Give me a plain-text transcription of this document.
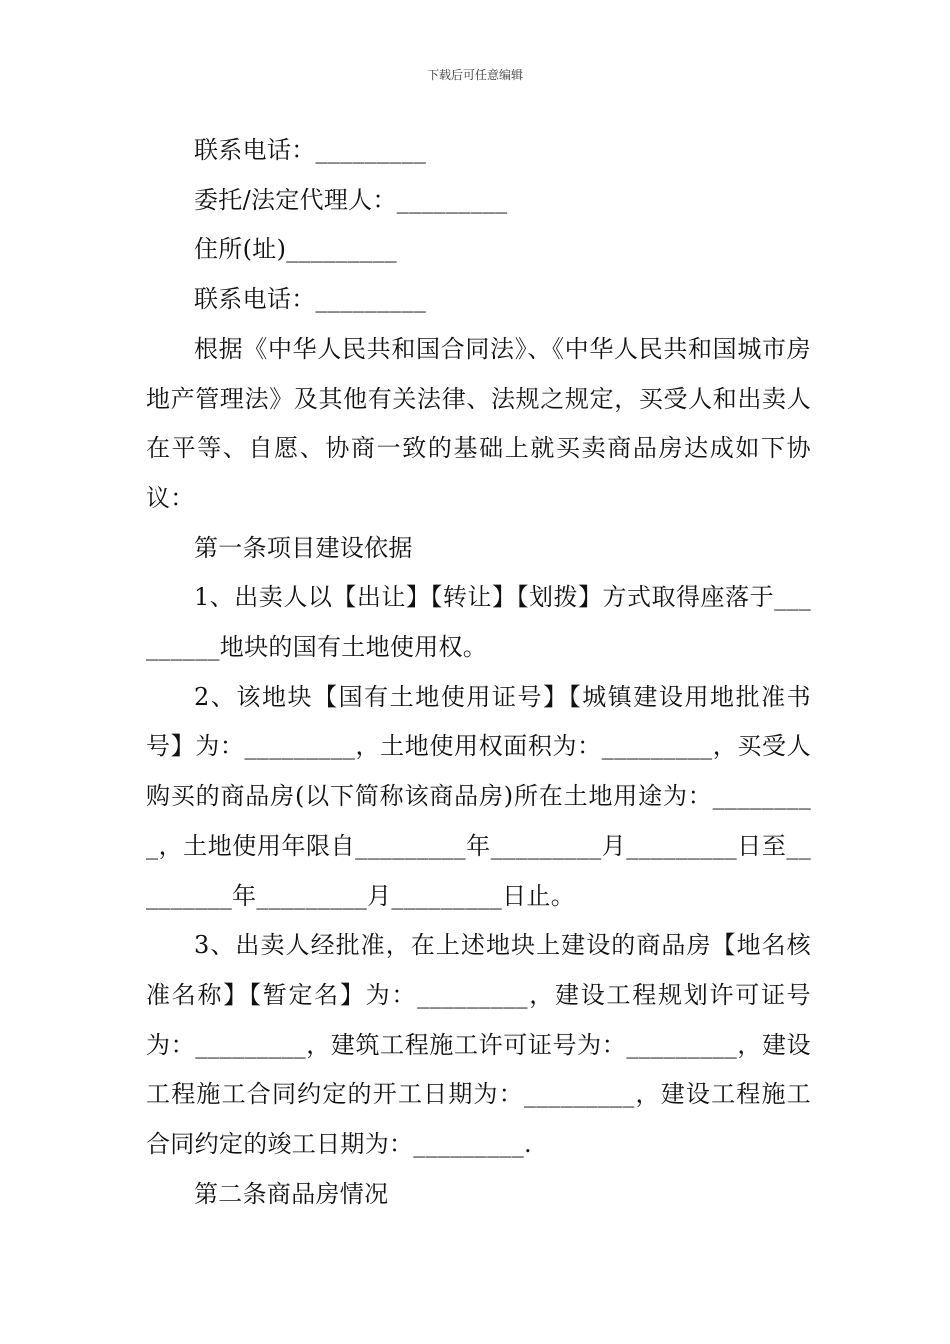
下载后可任意编辑

联系电话：_________

委托/法定代理人：_________

住所(址)_________

联系电话：_________

根据《中华人民共和国合同法》、《中华人民共和国城市房地产管理法》及其他有关法律、法规之规定，买受人和出卖人在平等、自愿、协商一致的基础上就买卖商品房达成如下协议：

第一条项目建设依据

1、出卖人以【出让】【转让】【划拨】方式取得座落于_________地块的国有土地使用权。

2、该地块【国有土地使用证号】【城镇建设用地批准书号】为：_________，土地使用权面积为：_________，买受人购买的商品房(以下简称该商品房)所在土地用途为：_________，土地使用年限自_________年_________月_________日至_________年_________月_________日止。

3、出卖人经批准，在上述地块上建设的商品房【地名核准名称】【暂定名】为：_________，建设工程规划许可证号为：_________，建筑工程施工许可证号为：_________，建设工程施工合同约定的开工日期为：_________，建设工程施工合同约定的竣工日期为：_________.

第二条商品房情况
